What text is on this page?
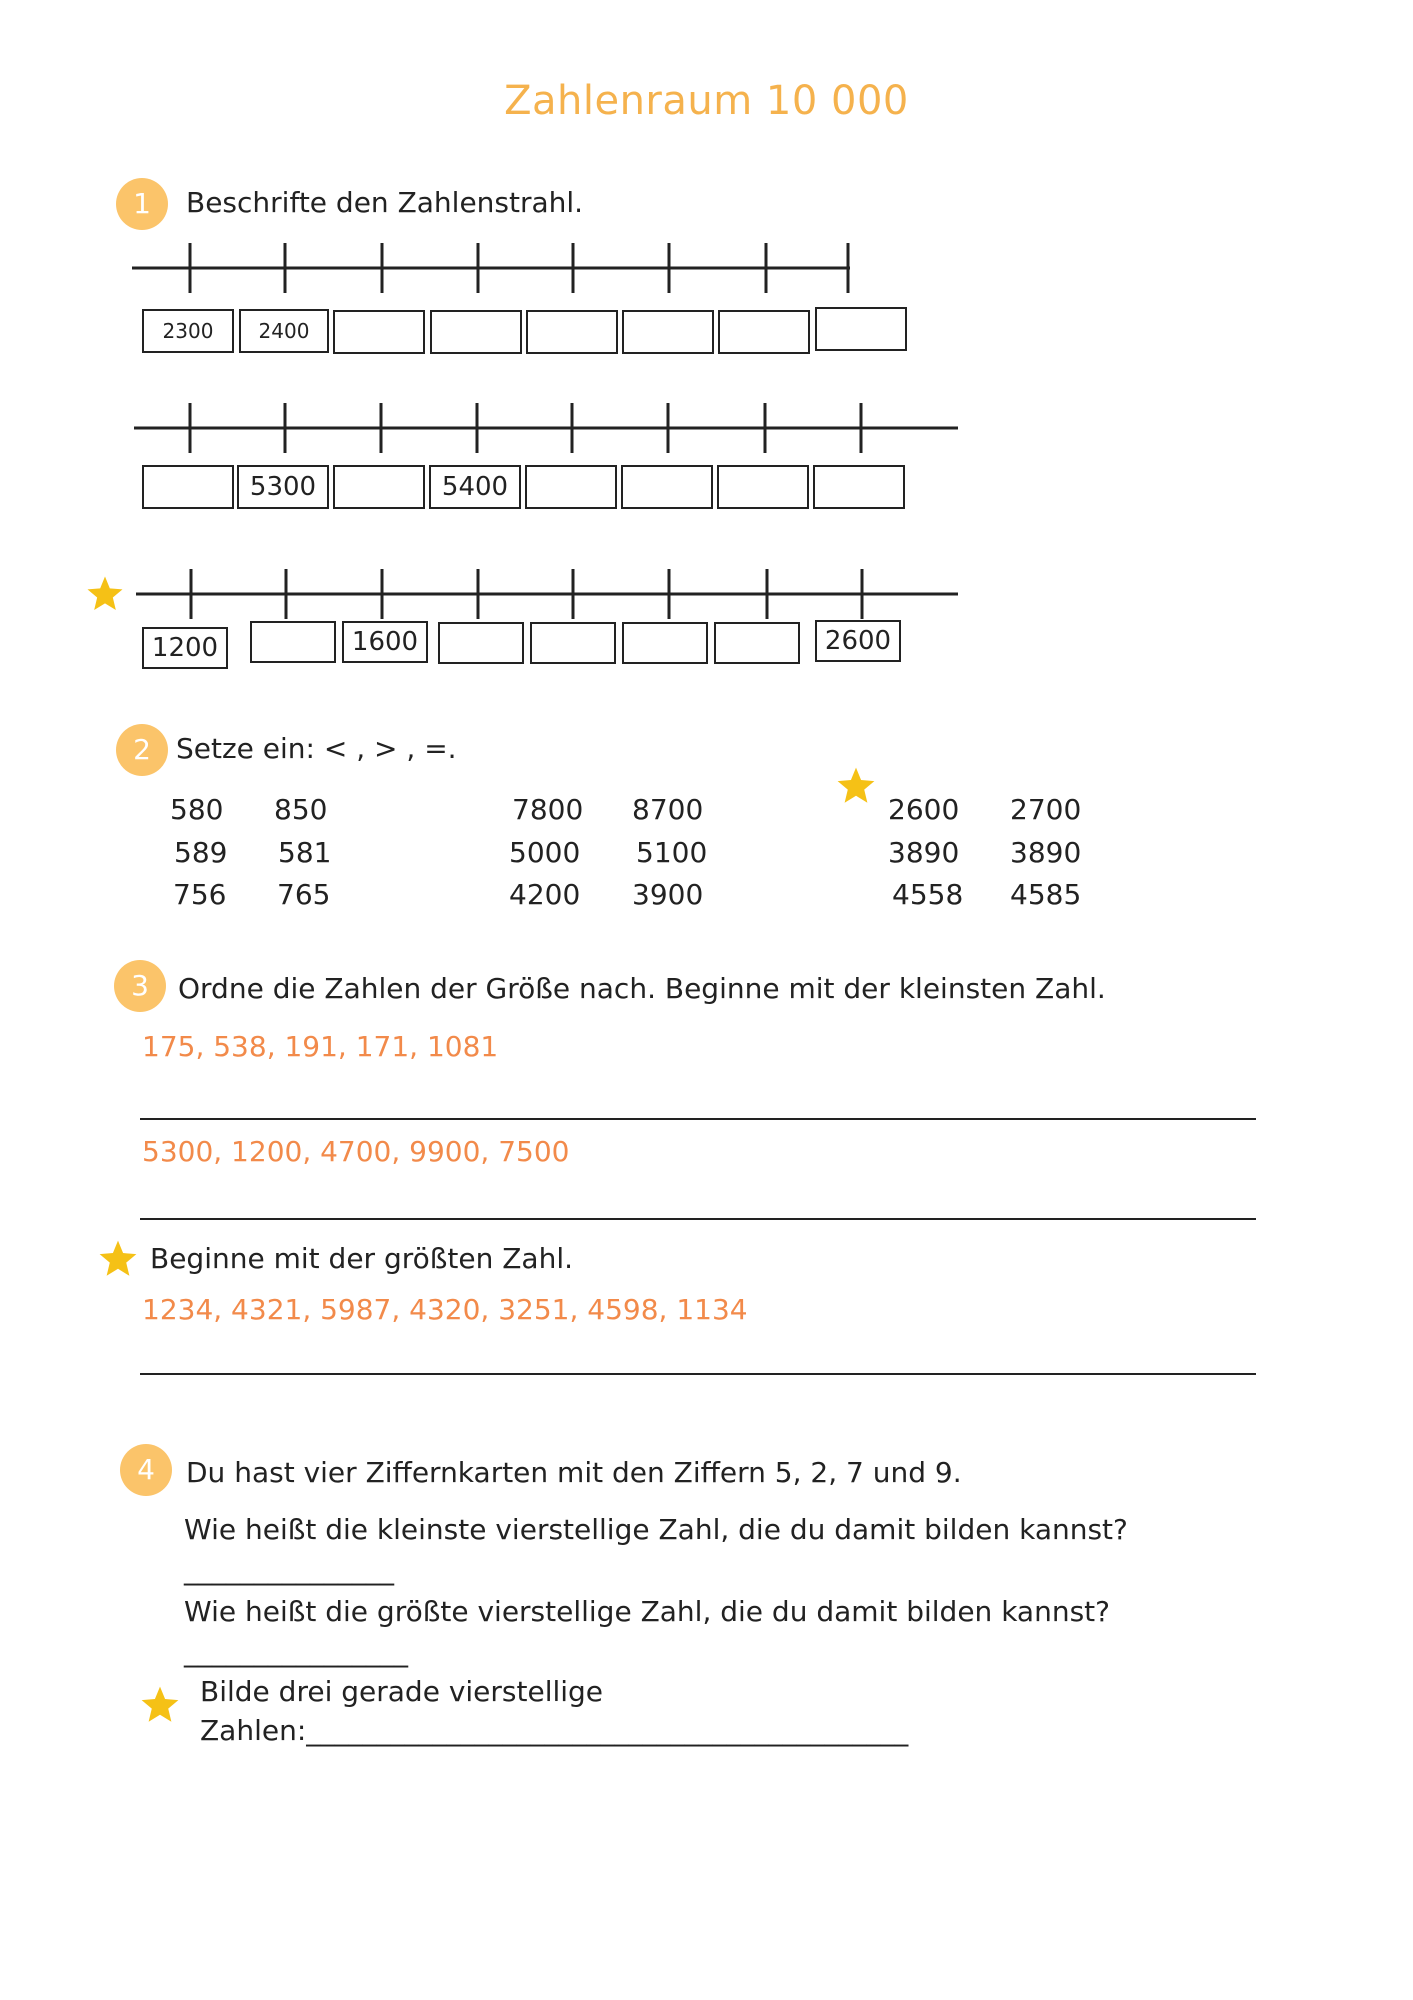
Zahlenraum 10 000
1	Beschrifte den Zahlenstrahl.
2300	2400
5300	5400
1200	1600	2600
2 Setze ein: < , > , =.
580 850
589 581
756 765
7800 8700
5000 5100
4200 3900
2600 2700
3890 3890
4558 4585
3	Ordne die Zahlen der Größe nach. Beginne mit der kleinsten Zahl.
175, 538, 191, 171, 1081
5300, 1200, 4700, 9900, 7500
Beginne mit der größten Zahl.
1234, 4321, 5987, 4320, 3251, 4598, 1134
4	Du hast vier Ziffernkarten mit den Ziffern 5, 2, 7 und 9.
Wie heißt die kleinste vierstellige Zahl, die du damit bilden kannst?
_______________
Wie heißt die größte vierstellige Zahl, die du damit bilden kannst?
________________
Bilde drei gerade vierstellige
Zahlen:___________________________________________
